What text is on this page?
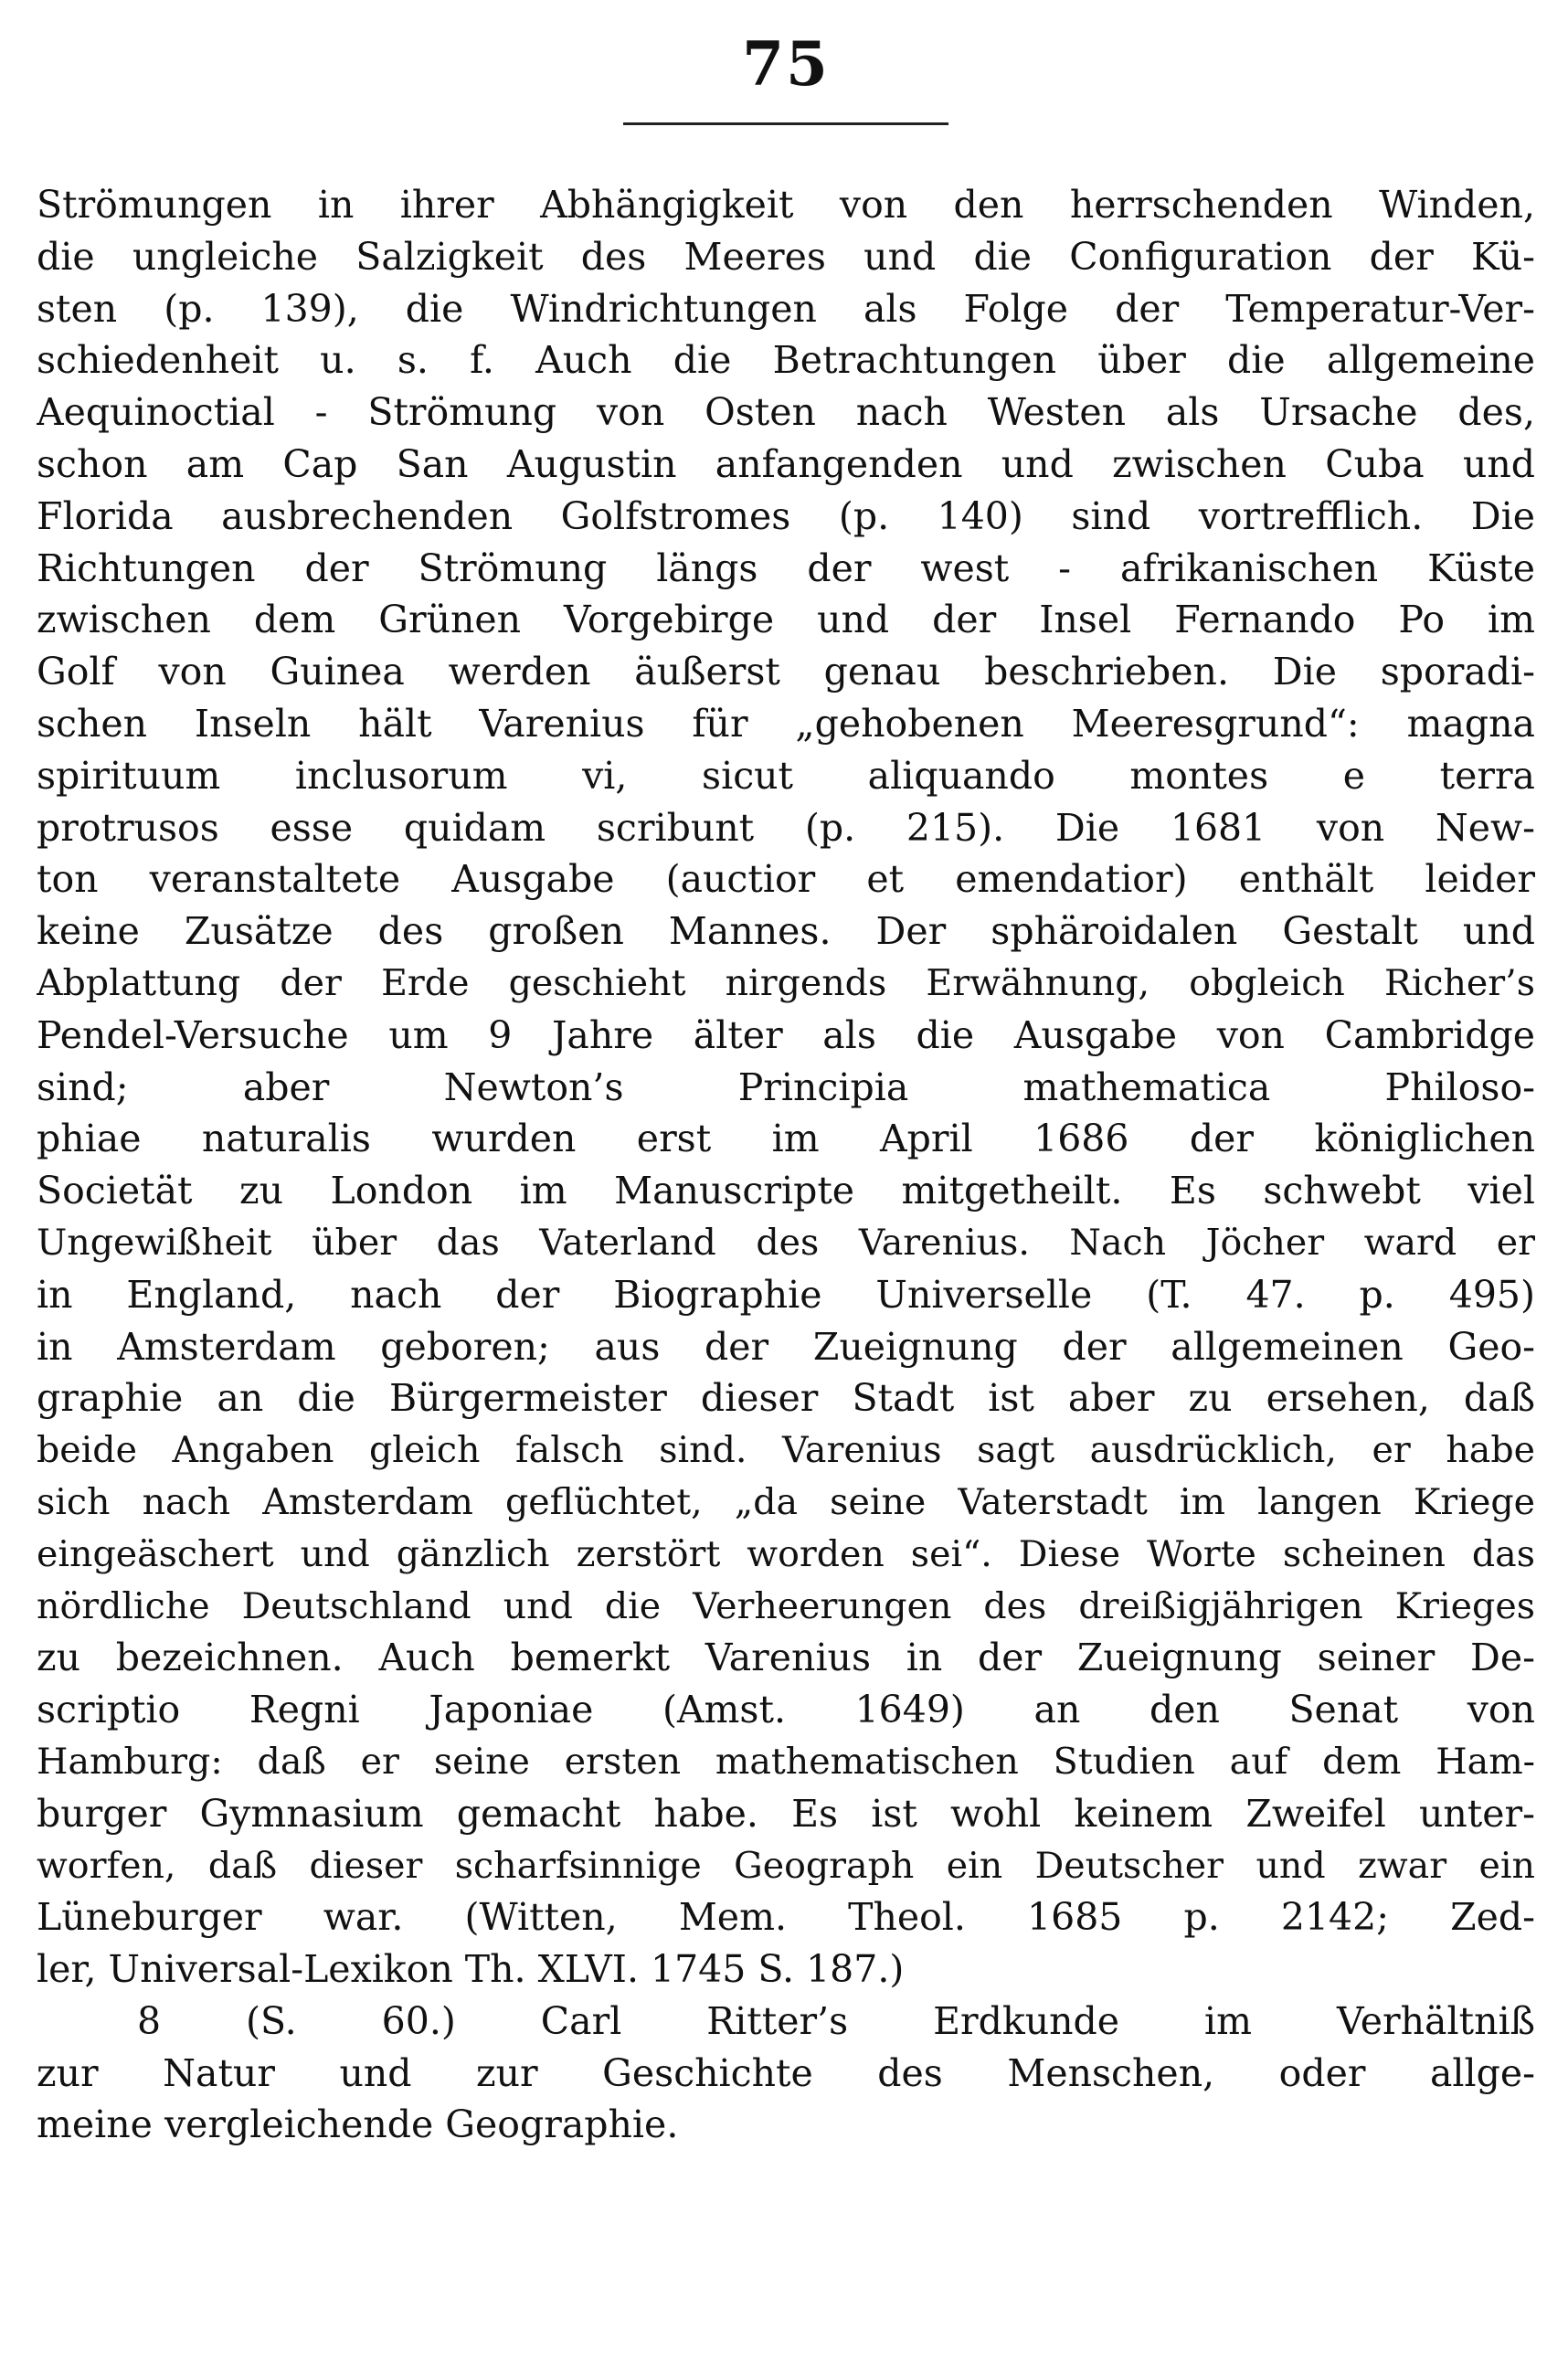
75
Strömungen in ihrer Abhängigkeit von den herrschenden Winden,
die ungleiche Salzigkeit des Meeres und die Configuration der Kü-
sten (p. 139), die Windrichtungen als Folge der Temperatur-Ver-
schiedenheit u. s. f. Auch die Betrachtungen über die allgemeine
Aequinoctial - Strömung von Osten nach Westen als Ursache des,
schon am Cap San Augustin anfangenden und zwischen Cuba und
Florida ausbrechenden Golfstromes (p. 140) sind vortrefflich. Die
Richtungen der Strömung längs der west - afrikanischen Küste
zwischen dem Grünen Vorgebirge und der Insel Fernando Po im
Golf von Guinea werden äußerst genau beschrieben. Die sporadi-
schen Inseln hält Varenius für „gehobenen Meeresgrund“: magna
spirituum inclusorum vi, sicut aliquando montes e terra
protrusos esse quidam scribunt (p. 215). Die 1681 von New-
ton veranstaltete Ausgabe (auctior et emendatior) enthält leider
keine Zusätze des großen Mannes. Der sphäroidalen Gestalt und
Abplattung der Erde geschieht nirgends Erwähnung, obgleich Richer’s
Pendel-Versuche um 9 Jahre älter als die Ausgabe von Cambridge
sind; aber Newton’s Principia mathematica Philoso-
phiae naturalis wurden erst im April 1686 der königlichen
Societät zu London im Manuscripte mitgetheilt. Es schwebt viel
Ungewißheit über das Vaterland des Varenius. Nach Jöcher ward er
in England, nach der Biographie Universelle (T. 47. p. 495)
in Amsterdam geboren; aus der Zueignung der allgemeinen Geo-
graphie an die Bürgermeister dieser Stadt ist aber zu ersehen, daß
beide Angaben gleich falsch sind. Varenius sagt ausdrücklich, er habe
sich nach Amsterdam geflüchtet, „da seine Vaterstadt im langen Kriege
eingeäschert und gänzlich zerstört worden sei“. Diese Worte scheinen das
nördliche Deutschland und die Verheerungen des dreißigjährigen Krieges
zu bezeichnen. Auch bemerkt Varenius in der Zueignung seiner De-
scriptio Regni Japoniae (Amst. 1649) an den Senat von
Hamburg: daß er seine ersten mathematischen Studien auf dem Ham-
burger Gymnasium gemacht habe. Es ist wohl keinem Zweifel unter-
worfen, daß dieser scharfsinnige Geograph ein Deutscher und zwar ein
Lüneburger war. (Witten, Mem. Theol. 1685 p. 2142; Zed-
ler, Universal-Lexikon Th. XLVI. 1745 S. 187.)
8 (S. 60.) Carl Ritter’s Erdkunde im Verhältniß
zur Natur und zur Geschichte des Menschen, oder allge-
meine vergleichende Geographie.
